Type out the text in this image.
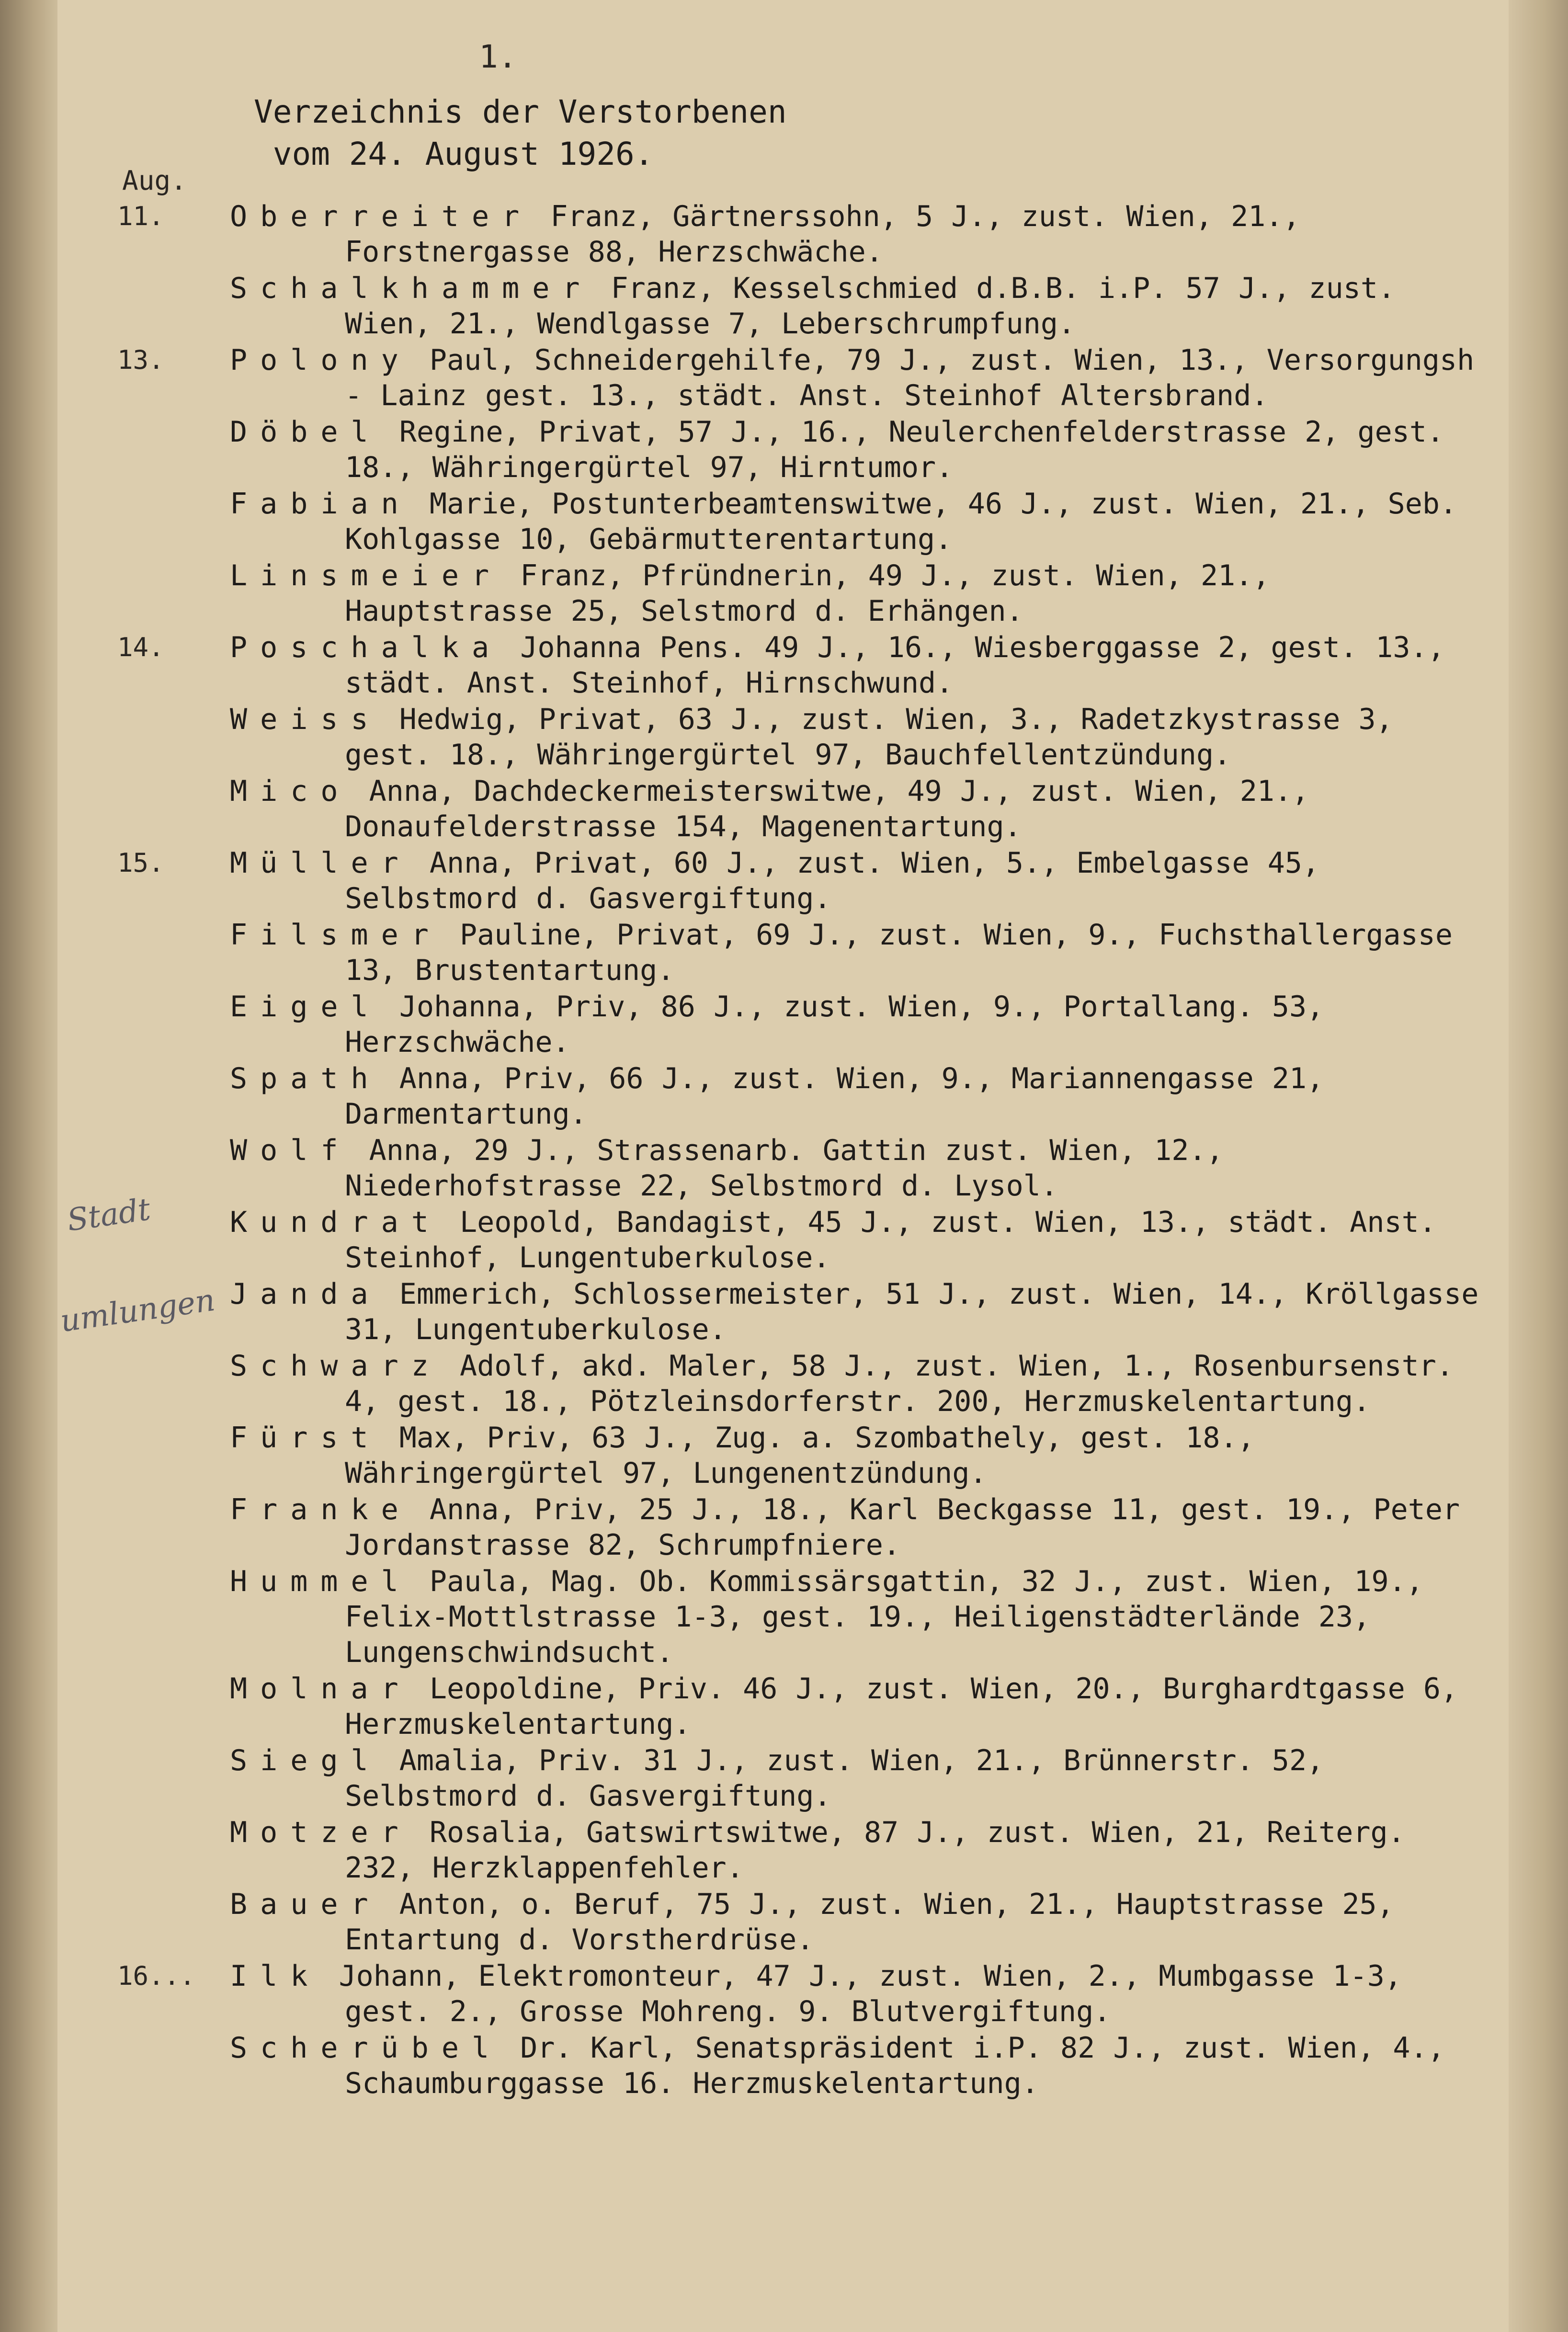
1.
Verzeichnis der Verstorbenen
vom 24. August 1926.
Aug.
Stadt
umlungen
11. Oberreiter Franz, Gärtnerssohn, 5 J., zust. Wien, 21., Forstnergasse 88, Herzschwäche.
Schalkhammer Franz, Kesselschmied d.B.B. i.P. 57 J., zust. Wien, 21., Wendlgasse 7, Leberschrumpfung.
13. Polony Paul, Schneidergehilfe, 79 J., zust. Wien, 13., Versorgungsh - Lainz gest. 13., städt. Anst. Steinhof Altersbrand.
Döbel Regine, Privat, 57 J., 16., Neulerchenfelderstrasse 2, gest. 18., Währingergürtel 97, Hirntumor.
Fabian Marie, Postunterbeamtenswitwe, 46 J., zust. Wien, 21., Seb. Kohlgasse 10, Gebärmutterentartung.
Linsmeier Franz, Pfründnerin, 49 J., zust. Wien, 21., Hauptstrasse 25, Selstmord d. Erhängen.
14. Poschalka Johanna Pens. 49 J., 16., Wiesberggasse 2, gest. 13., städt. Anst. Steinhof, Hirnschwund.
Weiss Hedwig, Privat, 63 J., zust. Wien, 3., Radetzkystrasse 3, gest. 18., Währingergürtel 97, Bauchfellentzündung.
Mico Anna, Dachdeckermeisterswitwe, 49 J., zust. Wien, 21., Donaufelderstrasse 154, Magenentartung.
15. Müller Anna, Privat, 60 J., zust. Wien, 5., Embelgasse 45, Selbstmord d. Gasvergiftung.
Filsmer Pauline, Privat, 69 J., zust. Wien, 9., Fuchsthallergasse 13, Brustentartung.
Eigel Johanna, Priv, 86 J., zust. Wien, 9., Portallang. 53, Herzschwäche.
Spath Anna, Priv, 66 J., zust. Wien, 9., Mariannengasse 21, Darmentartung.
Wolf Anna, 29 J., Strassenarb. Gattin zust. Wien, 12., Niederhofstrasse 22, Selbstmord d. Lysol.
Kundrat Leopold, Bandagist, 45 J., zust. Wien, 13., städt. Anst. Steinhof, Lungentuberkulose.
Janda Emmerich, Schlossermeister, 51 J., zust. Wien, 14., Kröllgasse 31, Lungentuberkulose.
Schwarz Adolf, akd. Maler, 58 J., zust. Wien, 1., Rosenbursenstr. 4, gest. 18., Pötzleinsdorferstr. 200, Herzmuskelentartung.
Fürst Max, Priv, 63 J., Zug. a. Szombathely, gest. 18., Währingergürtel 97, Lungenentzündung.
Franke Anna, Priv, 25 J., 18., Karl Beckgasse 11, gest. 19., Peter Jordanstrasse 82, Schrumpfniere.
Hummel Paula, Mag. Ob. Kommissärsgattin, 32 J., zust. Wien, 19., Felix-Mottlstrasse 1-3, gest. 19., Heiligenstädterlände 23, Lungenschwindsucht.
Molnar Leopoldine, Priv. 46 J., zust. Wien, 20., Burghardtgasse 6, Herzmuskelentartung.
Siegl Amalia, Priv. 31 J., zust. Wien, 21., Brünnerstr. 52, Selbstmord d. Gasvergiftung.
Motzer Rosalia, Gatswirtswitwe, 87 J., zust. Wien, 21, Reiterg. 232, Herzklappenfehler.
Bauer Anton, o. Beruf, 75 J., zust. Wien, 21., Hauptstrasse 25, Entartung d. Vorstherdrüse.
16... Ilk Johann, Elektromonteur, 47 J., zust. Wien, 2., Mumbgasse 1-3, gest. 2., Grosse Mohreng. 9. Blutvergiftung.
Scherübel Dr. Karl, Senatspräsident i.P. 82 J., zust. Wien, 4., Schaumburggasse 16. Herzmuskelentartung.
